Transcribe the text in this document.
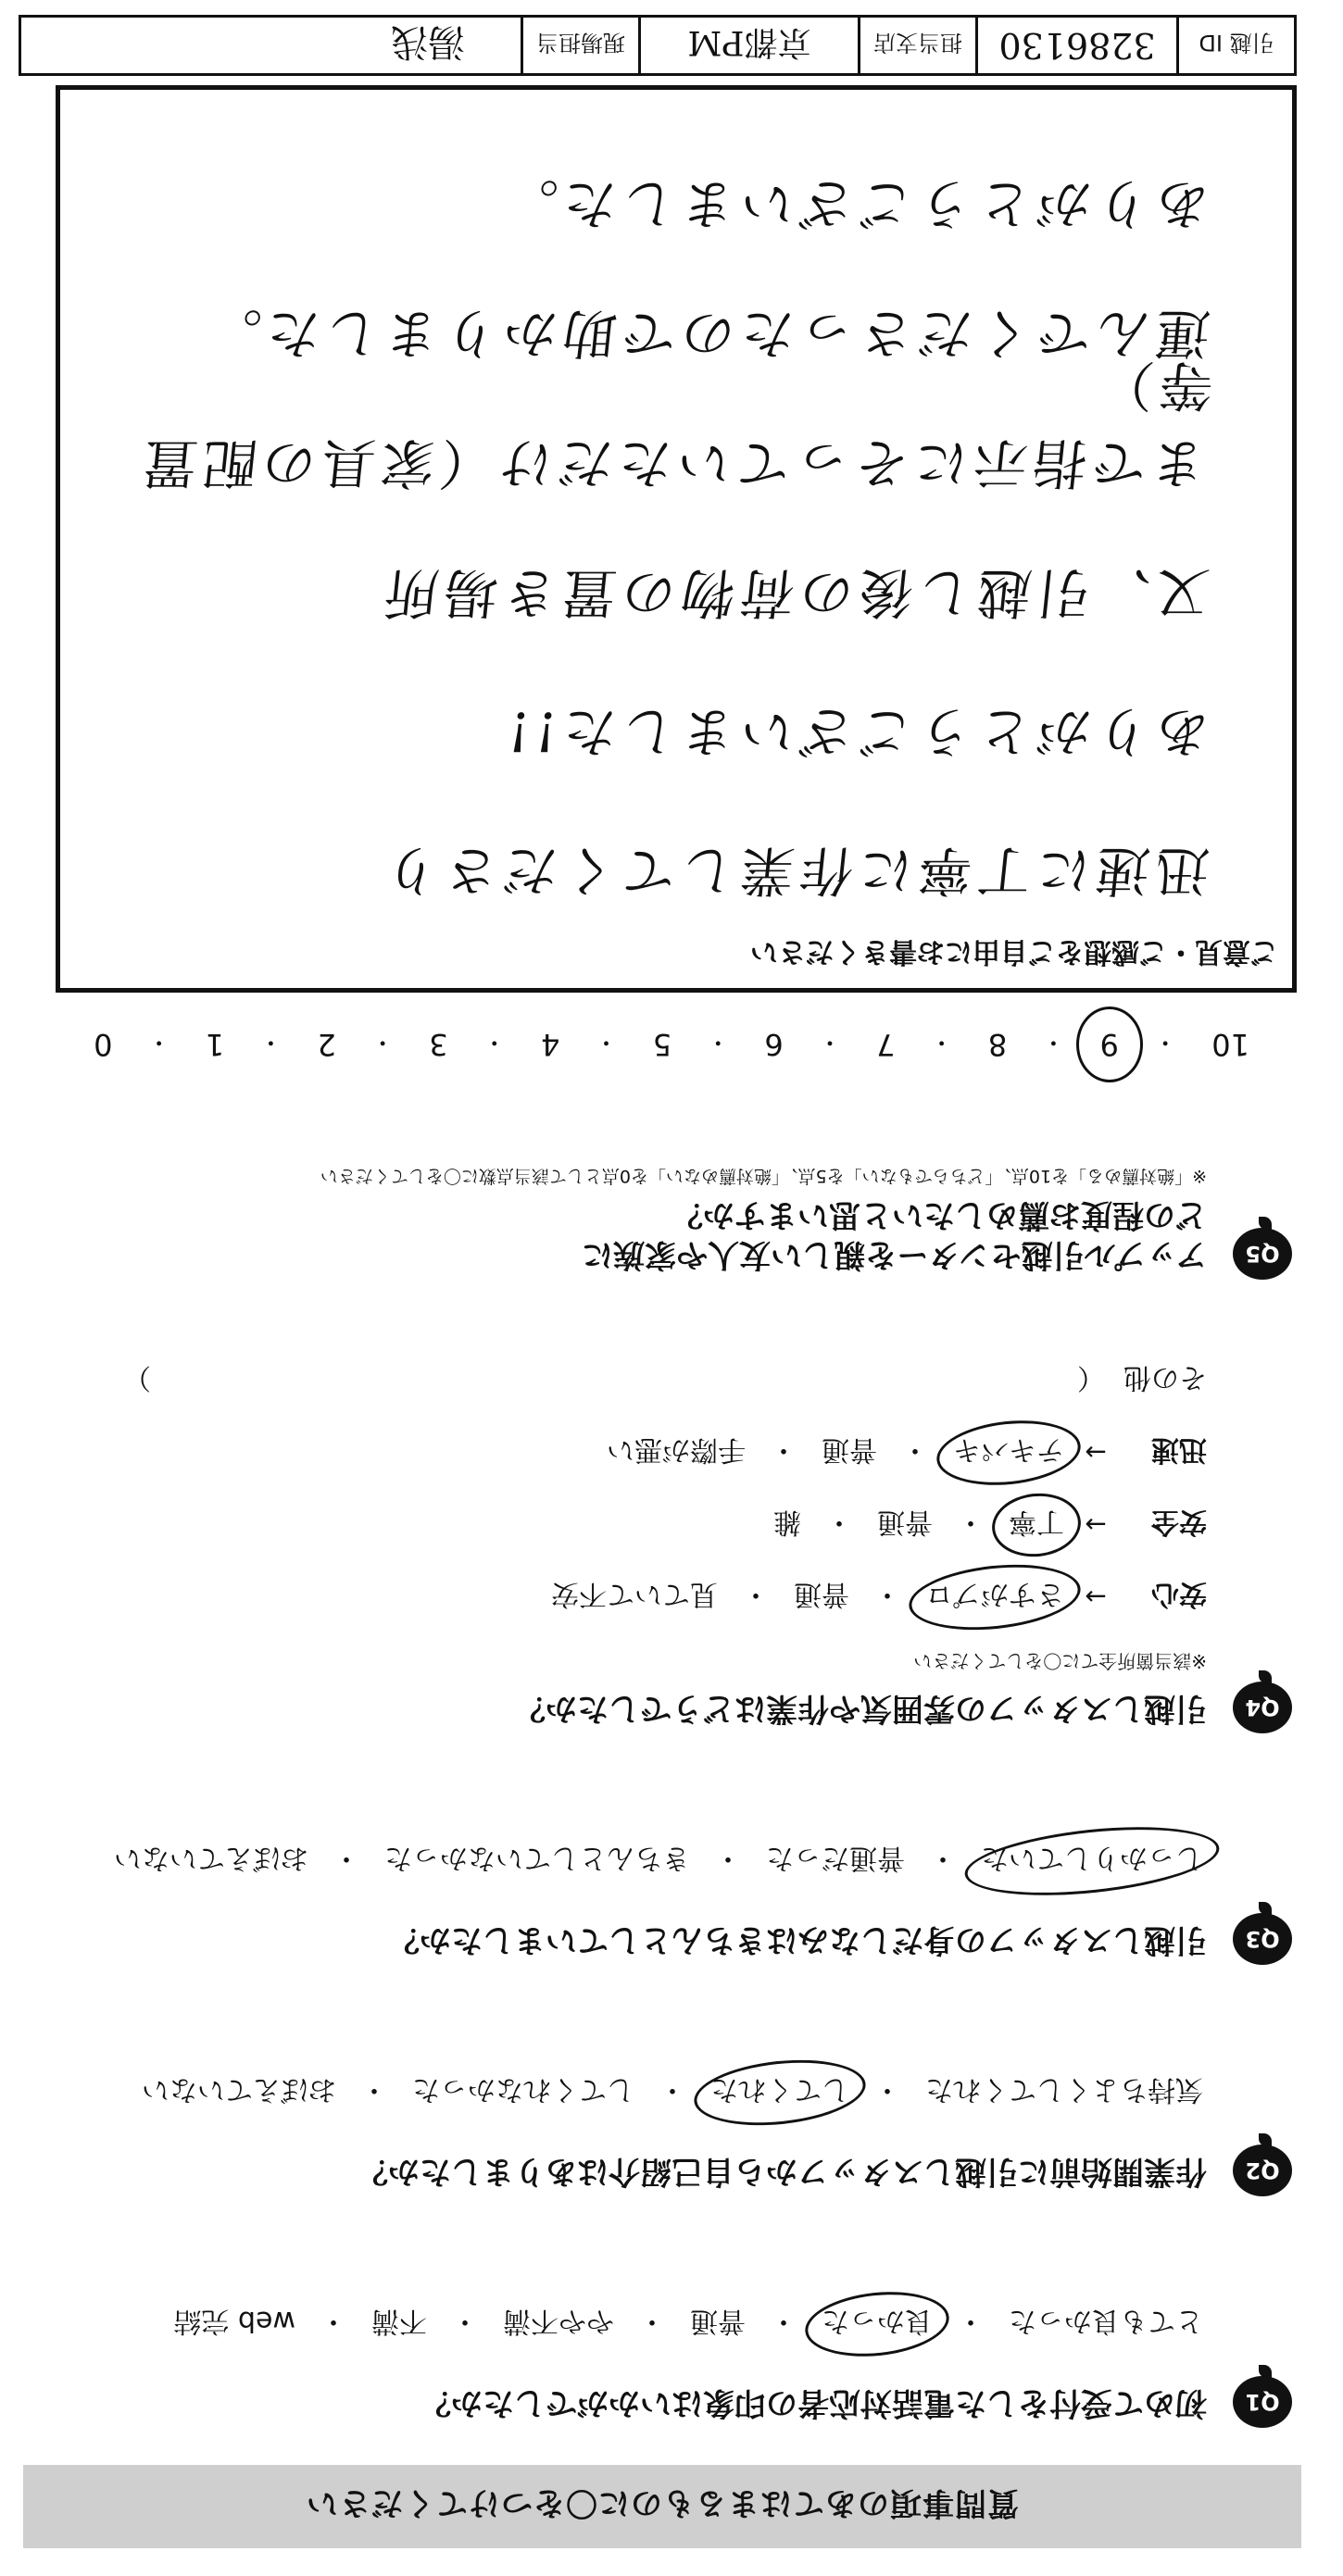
質問事項のあてはまるものに〇をつけてください
Q1
初めて受付をした電話対応者の印象はいかがでしたか？
とても良かった
・
良かった
・
普通
・
やや不満
・
不満
・
web 完結
Q2
作業開始前に引越しスタッフから自己紹介はありましたか？
気持ちよくしてくれた
・
してくれた
・
してくれなかった
・
おぼえていない
Q3
引越しスタッフの身だしなみはきちんとしていましたか？
しっかりしていた
・
普通だった
・
きちんとしていなかった
・
おぼえていない
Q4
引越しスタッフの雰囲気や作業はどうでしたか？
※該当箇所全てに〇をしてください
安心
→
さすがプロ
・
普通
・
見ていて不安
安全
→
丁寧
・
普通
・
雑
迅速
→
テキパキ
・
普通
・
手際が悪い
その他
（
）
Q5
アップル引越センターを親しい友人や家族に
どの程度お薦めしたいと思いますか？
※「絶対薦める」を10点、「どちらでもない」を5点、「絶対薦めない」を0点として該当点数に〇をしてください
10
・
9
・
8
・
7
・
6
・
5
・
4
・
3
・
2
・
1
・
0
ご意見・ご感想をご自由にお書きください
迅速に丁寧に作業してくださり
ありがとうございました!!
又、引越し後の荷物の置き場所
まで指示にそっていただけ（家具の配置等）
運んでくださったので助かりました。
ありがとうございました。
引越 ID
3286130
担当支店
京都PM
現場担当
湯浅
